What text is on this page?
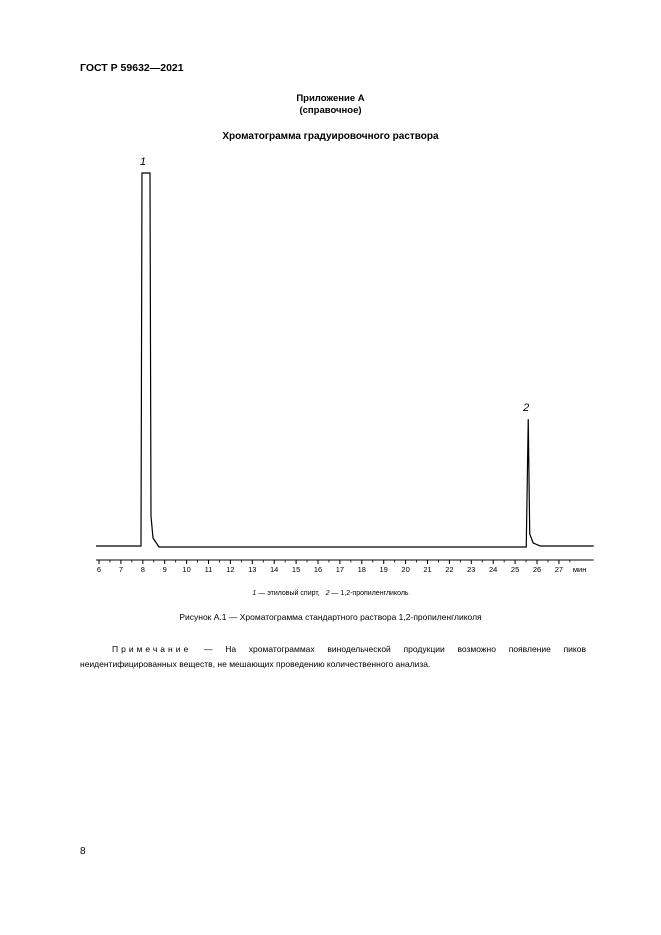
ГОСТ Р 59632—2021
Приложение А
(справочное)
Хроматограмма градуировочного раствора
6 7 8 9 10 11 12 13 14 15 16 17 18 19 20 21 22 23 24 25 26 27 мин
1
2
1 — этиловый спирт, 2 — 1,2-пропиленгликоль
Рисунок А.1 — Хроматограмма стандартного раствора 1,2-пропиленгликоля
Примечание — На хроматограммах винодельческой продукции возможно появление пиков неидентифицированных веществ, не мешающих проведению количественного анализа.
8
